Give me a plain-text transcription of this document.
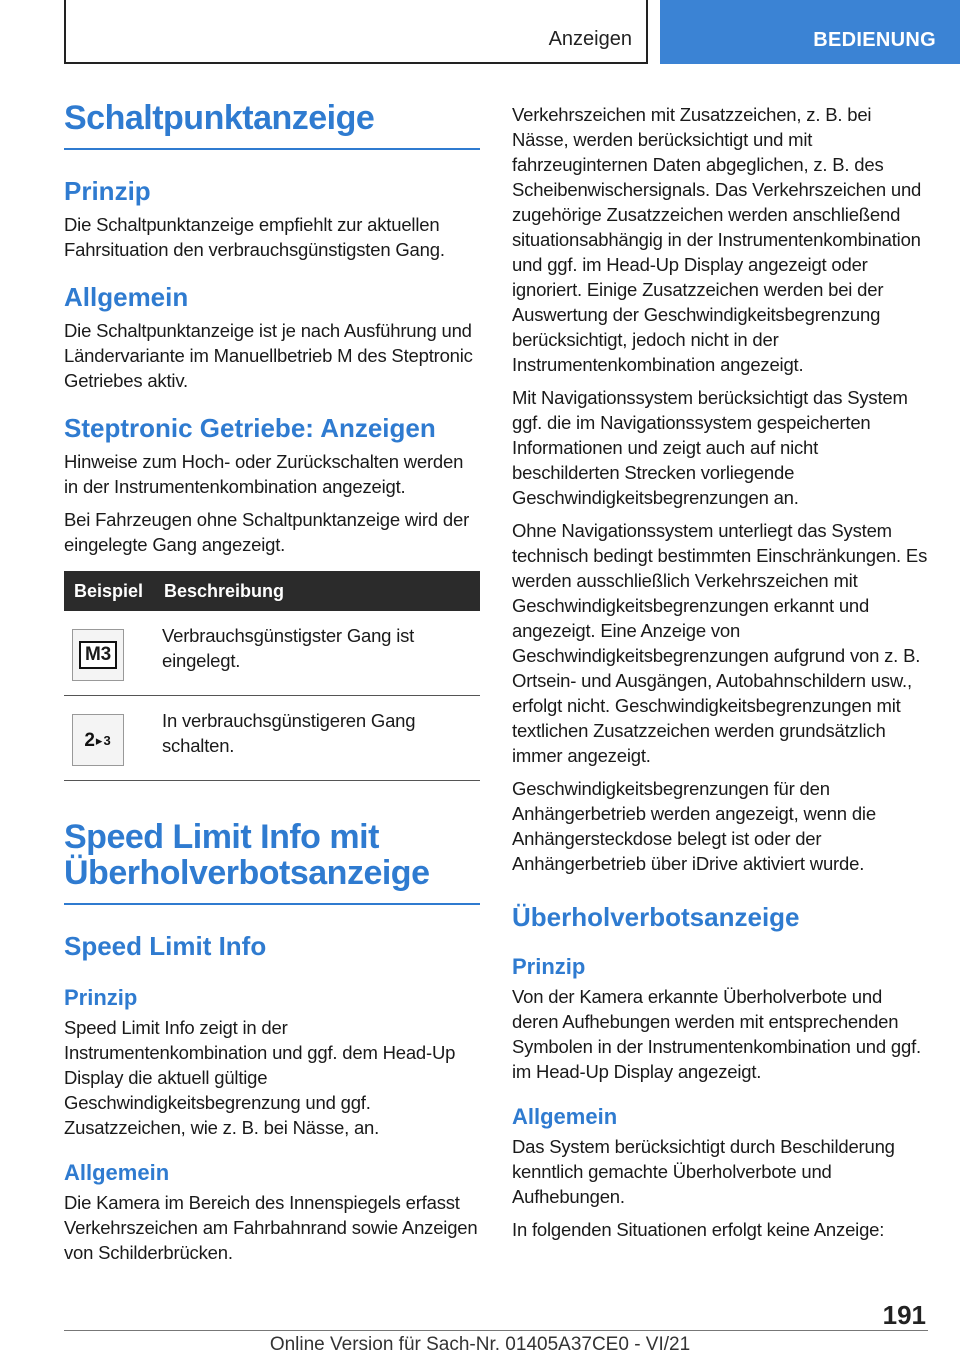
Anzeigen	BEDIENUNG
Schaltpunktanzeige
Prinzip

Die Schaltpunktanzeige empfiehlt zur aktuellen Fahrsituation den verbrauchsgünstigsten Gang.

Allgemein

Die Schaltpunktanzeige ist je nach Ausführung und Ländervariante im Manuellbetrieb M des Steptronic Getriebes aktiv.

Steptronic Getriebe: Anzeigen

Hinweise zum Hoch- oder Zurückschalten werden in der Instrumentenkombination angezeigt.

Bei Fahrzeugen ohne Schaltpunktanzeige wird der eingelegte Gang angezeigt.

Beispiel	Beschreibung

M3	Verbrauchsgünstigster Gang ist eingelegt.

2▸3	In verbrauchsgünstigeren Gang schalten.
Speed Limit Info mit Überholverbotsanzeige
Speed Limit Info
Prinzip

Speed Limit Info zeigt in der Instrumentenkombination und ggf. dem Head-Up Display die aktuell gültige Geschwindigkeitsbegrenzung und ggf. Zusatzzeichen, wie z. B. bei Nässe, an.

Allgemein

Die Kamera im Bereich des Innenspiegels erfasst Verkehrszeichen am Fahrbahnrand sowie Anzeigen von Schilderbrücken.

Verkehrszeichen mit Zusatzzeichen, z. B. bei Nässe, werden berücksichtigt und mit fahrzeuginternen Daten abgeglichen, z. B. des Scheibenwischersignals. Das Verkehrszeichen und zugehörige Zusatzzeichen werden anschließend situationsabhängig in der Instrumentenkombination und ggf. im Head-Up Display angezeigt oder ignoriert. Einige Zusatzzeichen werden bei der Auswertung der Geschwindigkeitsbegrenzung berücksichtigt, jedoch nicht in der Instrumentenkombination angezeigt.

Mit Navigationssystem berücksichtigt das System ggf. die im Navigationssystem gespeicherten Informationen und zeigt auch auf nicht beschilderten Strecken vorliegende Geschwindigkeitsbegrenzungen an.

Ohne Navigationssystem unterliegt das System technisch bedingt bestimmten Einschränkungen. Es werden ausschließlich Verkehrszeichen mit Geschwindigkeitsbegrenzungen erkannt und angezeigt. Eine Anzeige von Geschwindigkeitsbegrenzungen aufgrund von z. B. Ortsein- und Ausgängen, Autobahnschildern usw., erfolgt nicht. Geschwindigkeitsbegrenzungen mit textlichen Zusatzzeichen werden grundsätzlich immer angezeigt.

Geschwindigkeitsbegrenzungen für den Anhängerbetrieb werden angezeigt, wenn die Anhängersteckdose belegt ist oder der Anhängerbetrieb über iDrive aktiviert wurde.

Überholverbotsanzeige
Prinzip

Von der Kamera erkannte Überholverbote und deren Aufhebungen werden mit entsprechenden Symbolen in der Instrumentenkombination und ggf. im Head-Up Display angezeigt.

Allgemein

Das System berücksichtigt durch Beschilderung kenntlich gemachte Überholverbote und Aufhebungen.

In folgenden Situationen erfolgt keine Anzeige:

191
Online Version für Sach-Nr. 01405A37CE0 - VI/21
